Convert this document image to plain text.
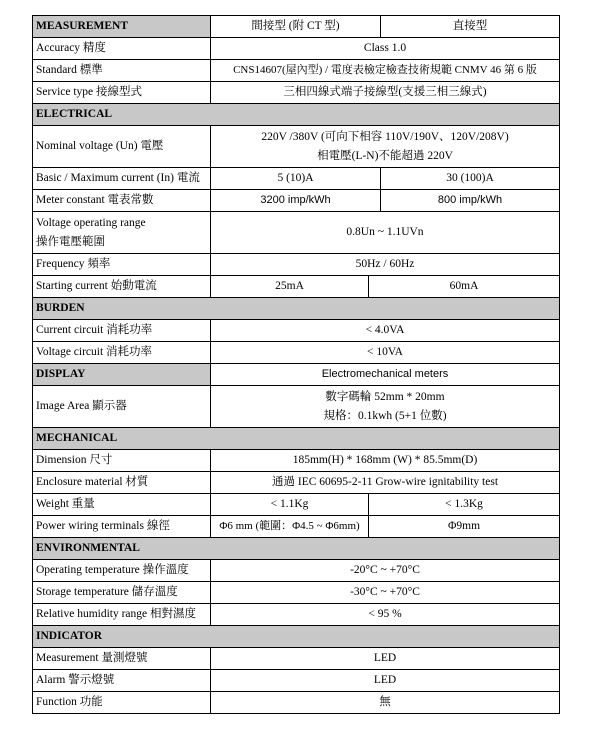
MEASUREMENT	間接型 (附 CT 型)		直接型
Accuracy 精度	Class 1.0		
Standard 標準	CNS14607(屋內型) / 電度表檢定檢查技術規範 CNMV 46 第 6 版		
Service type 接線型式	三相四線式端子接線型(支援三相三線式)		
ELECTRICAL			
Nominal voltage (Un) 電壓	220V /380V (可向下相容 110V/190V、120V/208V)
相電壓(L-N)不能超過 220V		

Basic / Maximum current (In) 電流	5 (10)A		30 (100)A
Meter constant 電表常數	3200 imp/kWh		800 imp/kWh

Voltage operating range
操作電壓範圍	0.8Un ~ 1.1UVn		
Frequency 頻率	50Hz / 60Hz		
Starting current 始動電流	25mA	60mA	
BURDEN			
Current circuit 消耗功率	< 4.0VA		
Voltage circuit 消耗功率	< 10VA		
DISPLAY	Electromechanical meters		
Image Area 顯示器	數字碼輪 52mm * 20mm
規格：0.1kwh (5+1 位數)		

MECHANICAL			
Dimension 尺寸	185mm(H) * 168mm (W) * 85.5mm(D)		
Enclosure material 材質	通過 IEC 60695-2-11 Grow-wire ignitability test		
Weight 重量	< 1.1Kg	< 1.3Kg	
Power wiring terminals 線徑	Φ6 mm (範圍：Φ4.5 ~ Φ6mm)	Φ9mm	
ENVIRONMENTAL			
Operating temperature 操作溫度	-20°C ~ +70°C		
Storage temperature 儲存溫度	-30°C ~ +70°C		
Relative humidity range 相對濕度	< 95 %		
INDICATOR			
Measurement 量測燈號	LED		
Alarm 警示燈號	LED		
Function 功能	無		
